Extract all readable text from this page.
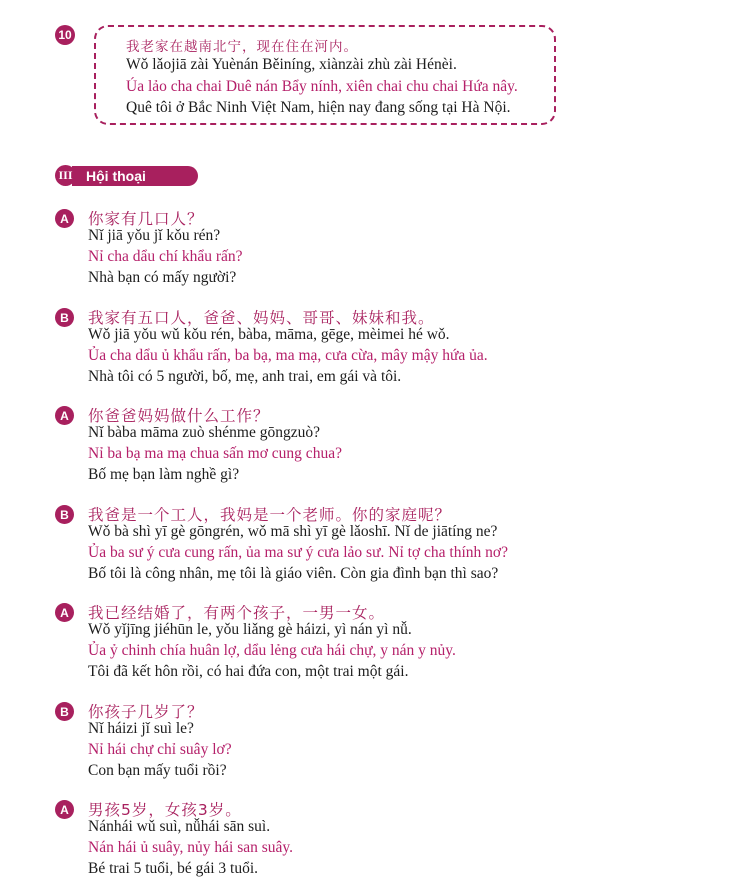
10
我老家在越南北宁，现在住在河内。
Wǒ lǎojiā zài Yuènán Běiníng, xiànzài zhù zài Hénèi.
Úa lảo cha chai Duê nán Bẩy nính, xiên chai chu chai Hứa nây.
Quê tôi ở Bắc Ninh Việt Nam, hiện nay đang sống tại Hà Nội.
III Hội thoại
A	你家有几口人？
Nǐ jiā yǒu jǐ kǒu rén?
Nỉ cha dẩu chí khẩu rấn?
Nhà bạn có mấy người?
B	我家有五口人，爸爸、妈妈、哥哥、妹妹和我。
Wǒ jiā yǒu wǔ kǒu rén, bàba, māma, gēge, mèimei hé wǒ.
Ủa cha dẩu ủ khẩu rấn, ba bạ, ma mạ, cưa cừa, mây mậy hứa ủa.
Nhà tôi có 5 người, bố, mẹ, anh trai, em gái và tôi.
A	你爸爸妈妈做什么工作？
Nǐ bàba māma zuò shénme gōngzuò?
Nỉ ba bạ ma mạ chua sấn mơ cung chua?
Bố mẹ bạn làm nghề gì?
B	我爸是一个工人，我妈是一个老师。你的家庭呢？
Wǒ bà shì yī gè gōngrén, wǒ mā shì yī gè lǎoshī. Nǐ de jiātíng ne?
Ủa ba sư ý cưa cung rấn, ủa ma sư ý cưa lảo sư. Nỉ tợ cha thính nơ?
Bố tôi là công nhân, mẹ tôi là giáo viên. Còn gia đình bạn thì sao?
A	我已经结婚了，有两个孩子，一男一女。
Wǒ yǐjīng jiéhūn le, yǒu liǎng gè háizi, yì nán yì nǚ.
Ủa ỷ chinh chía huân lợ, dẩu lẻng cưa hái chự, y nán y nủy.
Tôi đã kết hôn rồi, có hai đứa con, một trai một gái.
B	你孩子几岁了？
Nǐ háizi jǐ suì le?
Nỉ hái chự chỉ suây lơ?
Con bạn mấy tuổi rồi?
A	男孩5岁，女孩3岁。
Nánhái wǔ suì, nǚhái sān suì.
Nán hái ủ suây, nủy hái san suây.
Bé trai 5 tuổi, bé gái 3 tuổi.
